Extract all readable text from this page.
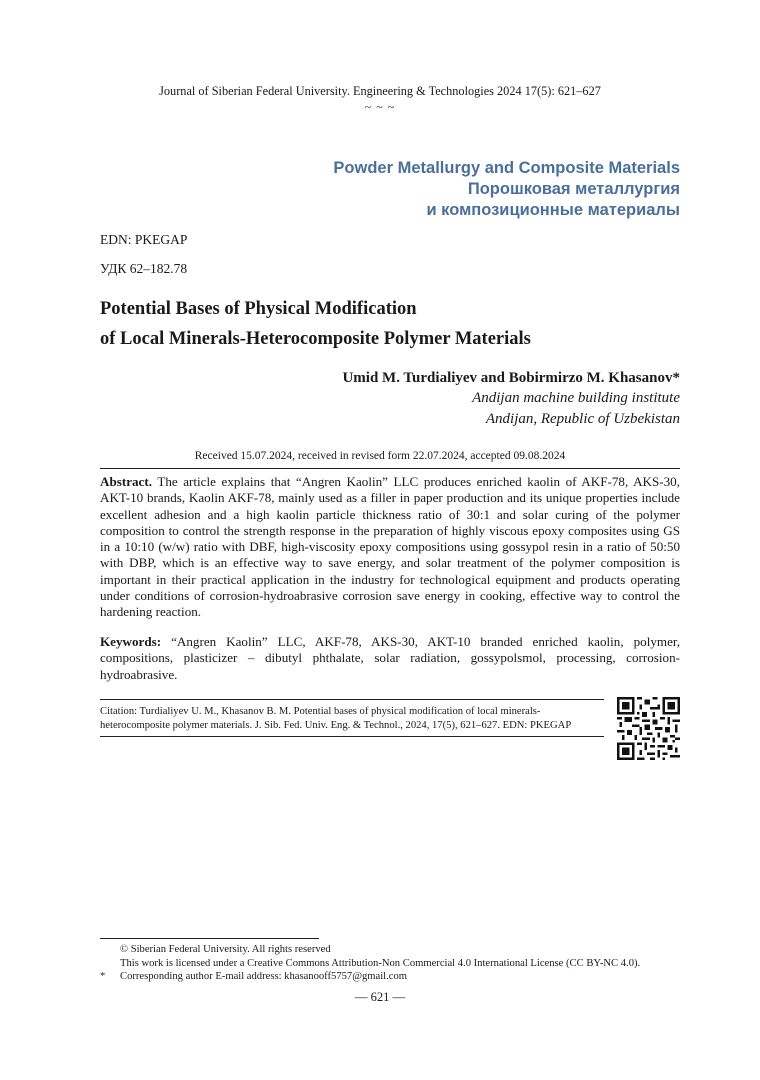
Journal of Siberian Federal University. Engineering & Technologies 2024 17(5): 621–627
~ ~ ~
Powder Metallurgy and Composite Materials
Порошковая металлургия
и композиционные материалы
EDN: PKEGAP
УДК 62–182.78
Potential Bases of Physical Modification
of Local Minerals-Heterocomposite Polymer Materials
Umid M. Turdialiyev and Bobirmirzo M. Khasanov*
Andijan machine building institute
Andijan, Republic of Uzbekistan
Received 15.07.2024, received in revised form 22.07.2024, accepted 09.08.2024
Abstract. The article explains that “Angren Kaolin” LLC produces enriched kaolin of AKF-78, AKS-30, AKT-10 brands, Kaolin AKF-78, mainly used as a filler in paper production and its unique properties include excellent adhesion and a high kaolin particle thickness ratio of 30:1 and solar curing of the polymer composition to control the strength response in the preparation of highly viscous epoxy composites using GS in a 10:10 (w/w) ratio with DBF, high-viscosity epoxy compositions using gossypol resin in a ratio of 50:50 with DBP, which is an effective way to save energy, and solar treatment of the polymer composition is important in their practical application in the industry for technological equipment and products operating under conditions of corrosion-hydroabrasive corrosion save energy in cooking, effective way to control the hardening reaction.
Keywords: “Angren Kaolin” LLC, AKF-78, AKS-30, AKT-10 branded enriched kaolin, polymer, compositions, plasticizer – dibutyl phthalate, solar radiation, gossypolsmol, processing, corrosion-hydroabrasive.
Citation: Turdialiyev U. M., Khasanov B. M. Potential bases of physical modification of local minerals-heterocomposite polymer materials. J. Sib. Fed. Univ. Eng. & Technol., 2024, 17(5), 621–627. EDN: PKEGAP
© Siberian Federal University. All rights reserved
This work is licensed under a Creative Commons Attribution-Non Commercial 4.0 International License (CC BY-NC 4.0).
* Corresponding author E-mail address: khasanooff5757@gmail.com
— 621 —
